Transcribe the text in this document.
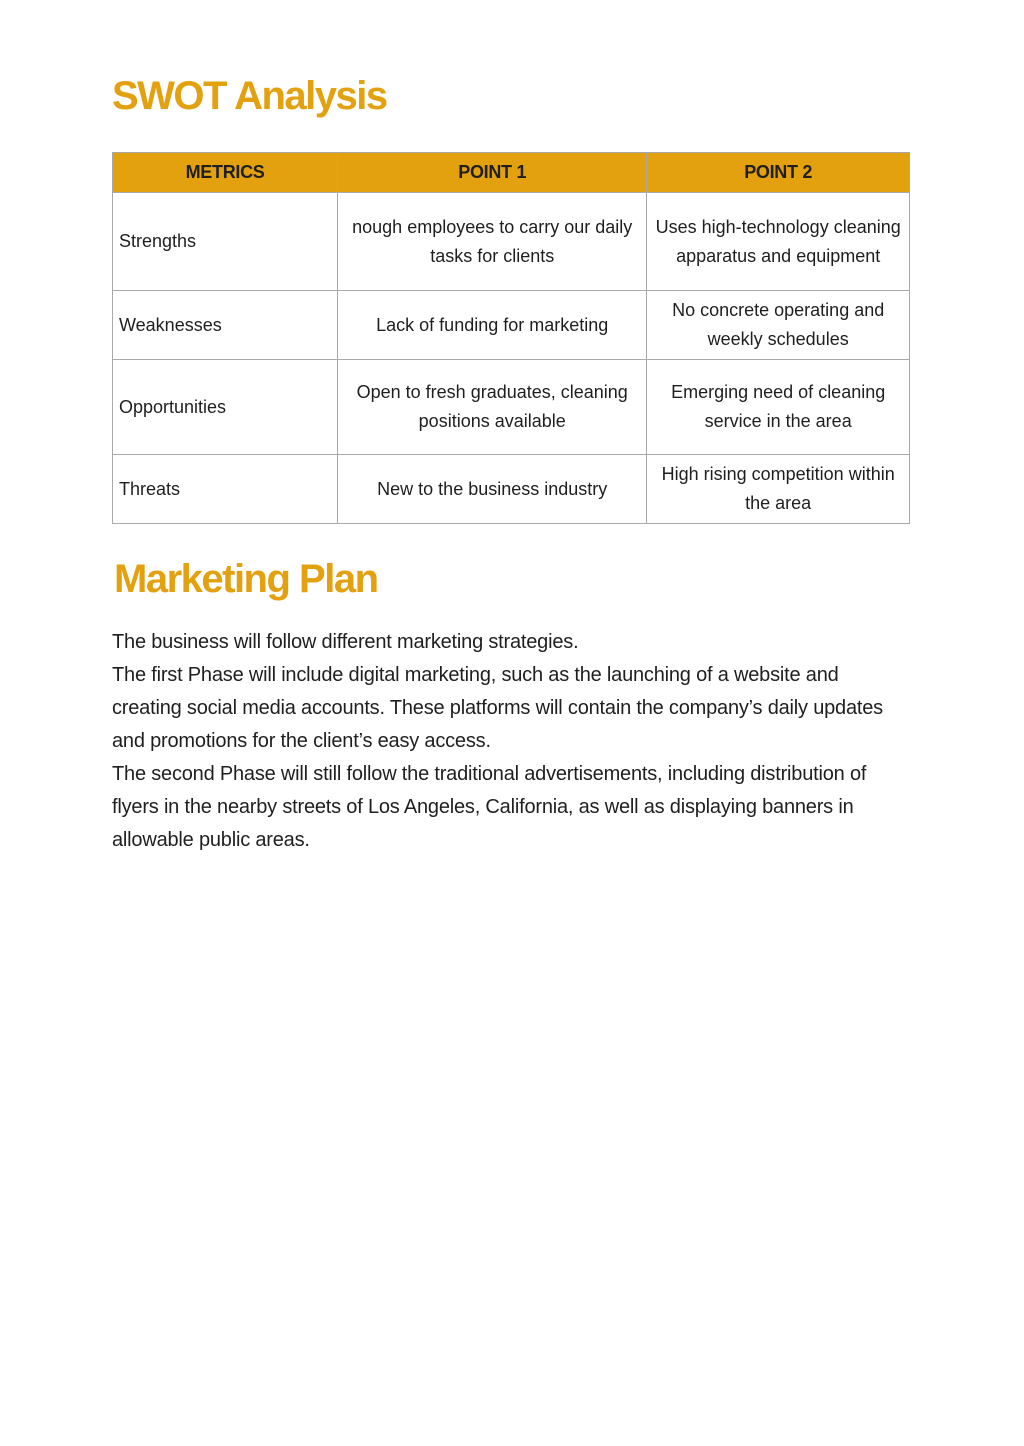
SWOT Analysis
METRICS	POINT 1	POINT 2
Strengths	nough employees to carry our daily tasks for clients	Uses high-technology cleaning apparatus and equipment
Weaknesses	Lack of funding for marketing	No concrete operating and weekly schedules
Opportunities	Open to fresh graduates, cleaning positions available	Emerging need of cleaning service in the area
Threats	New to the business industry	High rising competition within the area
Marketing Plan

The business will follow different marketing strategies.

The first Phase will include digital marketing, such as the launching of a website and creating social media accounts. These platforms will contain the company’s daily updates and promotions for the client’s easy access.

The second Phase will still follow the traditional advertisements, including distribution of flyers in the nearby streets of Los Angeles, California, as well as displaying banners in allowable public areas.
